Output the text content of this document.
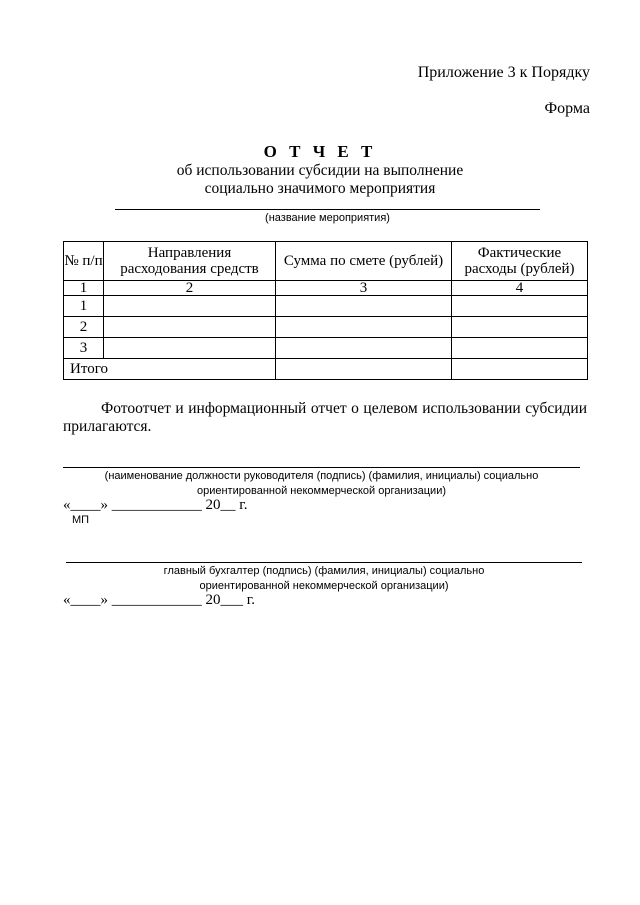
Приложение 3 к Порядку
Форма
О Т Ч Е Т
об использовании субсидии на выполнение
социально значимого мероприятия
(название мероприятия)
№ п/п	Направления расходования средств	Сумма по смете (рублей)	Фактические расходы (рублей)
1	2	3	4
1			
2			
3			
Итого			
Фотоотчет и информационный отчет о целевом использовании субсидии прилагаются.
(наименование должности руководителя (подпись) (фамилия, инициалы) социально
ориентированной некоммерческой организации)
«____» ____________ 20__ г.
МП
главный бухгалтер (подпись) (фамилия, инициалы) социально
ориентированной некоммерческой организации)
«____» ____________ 20___ г.
